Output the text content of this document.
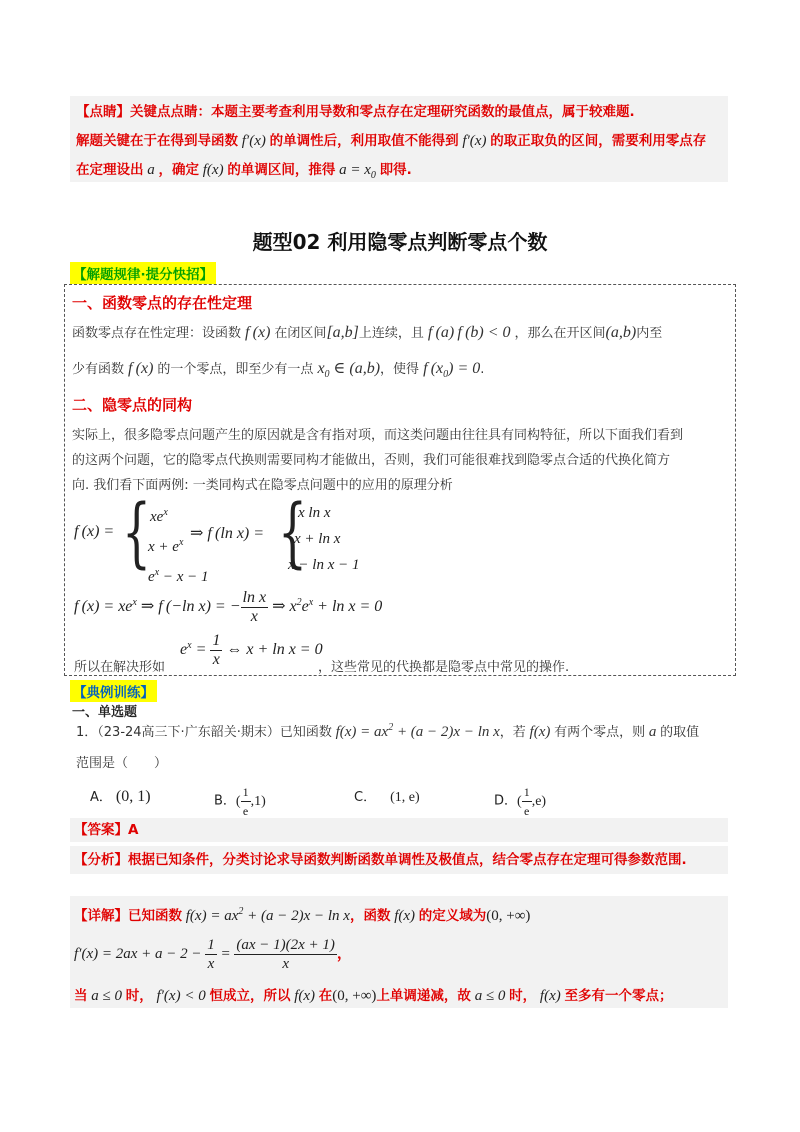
【点睛】关键点点睛：本题主要考查利用导数和零点存在定理研究函数的最值点，属于较难题.
解题关键在于在得到导函数 f′(x) 的单调性后，利用取值不能得到 f′(x) 的取正取负的区间，需要利用零点存
在定理设出 a ，确定 f(x) 的单调区间，推得 $a = x_0$ 即得.
题型02 利用隐零点判断零点个数
【解题规律·提分快招】
一、函数零点的存在性定理
函数零点存在性定理：设函数 f (x) 在闭区间[a,b]上连续，且 f (a) f (b) < 0 ，那么在开区间(a,b)内至
少有函数 f (x) 的一个零点，即至少有一点 $x_0$ ∈ (a,b)，使得 f $(x_0) = 0$.
二、隐零点的同构
实际上，很多隐零点问题产生的原因就是含有指对项，而这类问题由往往具有同构特征，所以下面我们看到
的这两个问题，它的隐零点代换则需要同构才能做出，否则，我们可能很难找到隐零点合适的代换化简方
向. 我们看下面两例: 一类同构式在隐零点问题中的应用的原理分析
f (x) = {
$xe^x$
$x + e^x$
$e^x - x - 1$
⇒ f (ln x) = {
x ln x
x + ln x
x − ln x − 1
f $(x) = xe^x$ ⇒ f (−ln x) = − $\frac{\text{ln x}}{x}$ ⇒ $x^2e^x + \ln x = 0$
$e^x = \frac{1}{x}$ ⇔ x + ln x = 0
所以在解决形如	，这些常见的代换都是隐零点中常见的操作.
【典例训练】
一、单选题
1．（23-24高三下·广东韶关·期末）已知函数 $f(x) = ax^2 + (a - 2)x - \ln x$，若 f(x) 有两个零点，则 a 的取值
范围是（　　）
A． (0, 1)	B．( $\frac{1}{e} ,1$)	C．    (1, e)	D．( $\frac{1}{e} ,e$)
【答案】A
【分析】根据已知条件，分类讨论求导函数判断函数单调性及极值点，结合零点存在定理可得参数范围.
【详解】已知函数 $f(x) = ax^2 + (a - 2)x - \ln x$，函数 f(x) 的定义域为(0, +∞)
$f'(x) = 2ax + a - 2 - \frac{1}{x} = \frac{(ax - 1)(2x + 1)}{x}$ ，
当 a ≤ 0 时， f′(x) < 0 恒成立，所以 f(x) 在(0, +∞)上单调递减，故 a ≤ 0 时， f(x) 至多有一个零点；
